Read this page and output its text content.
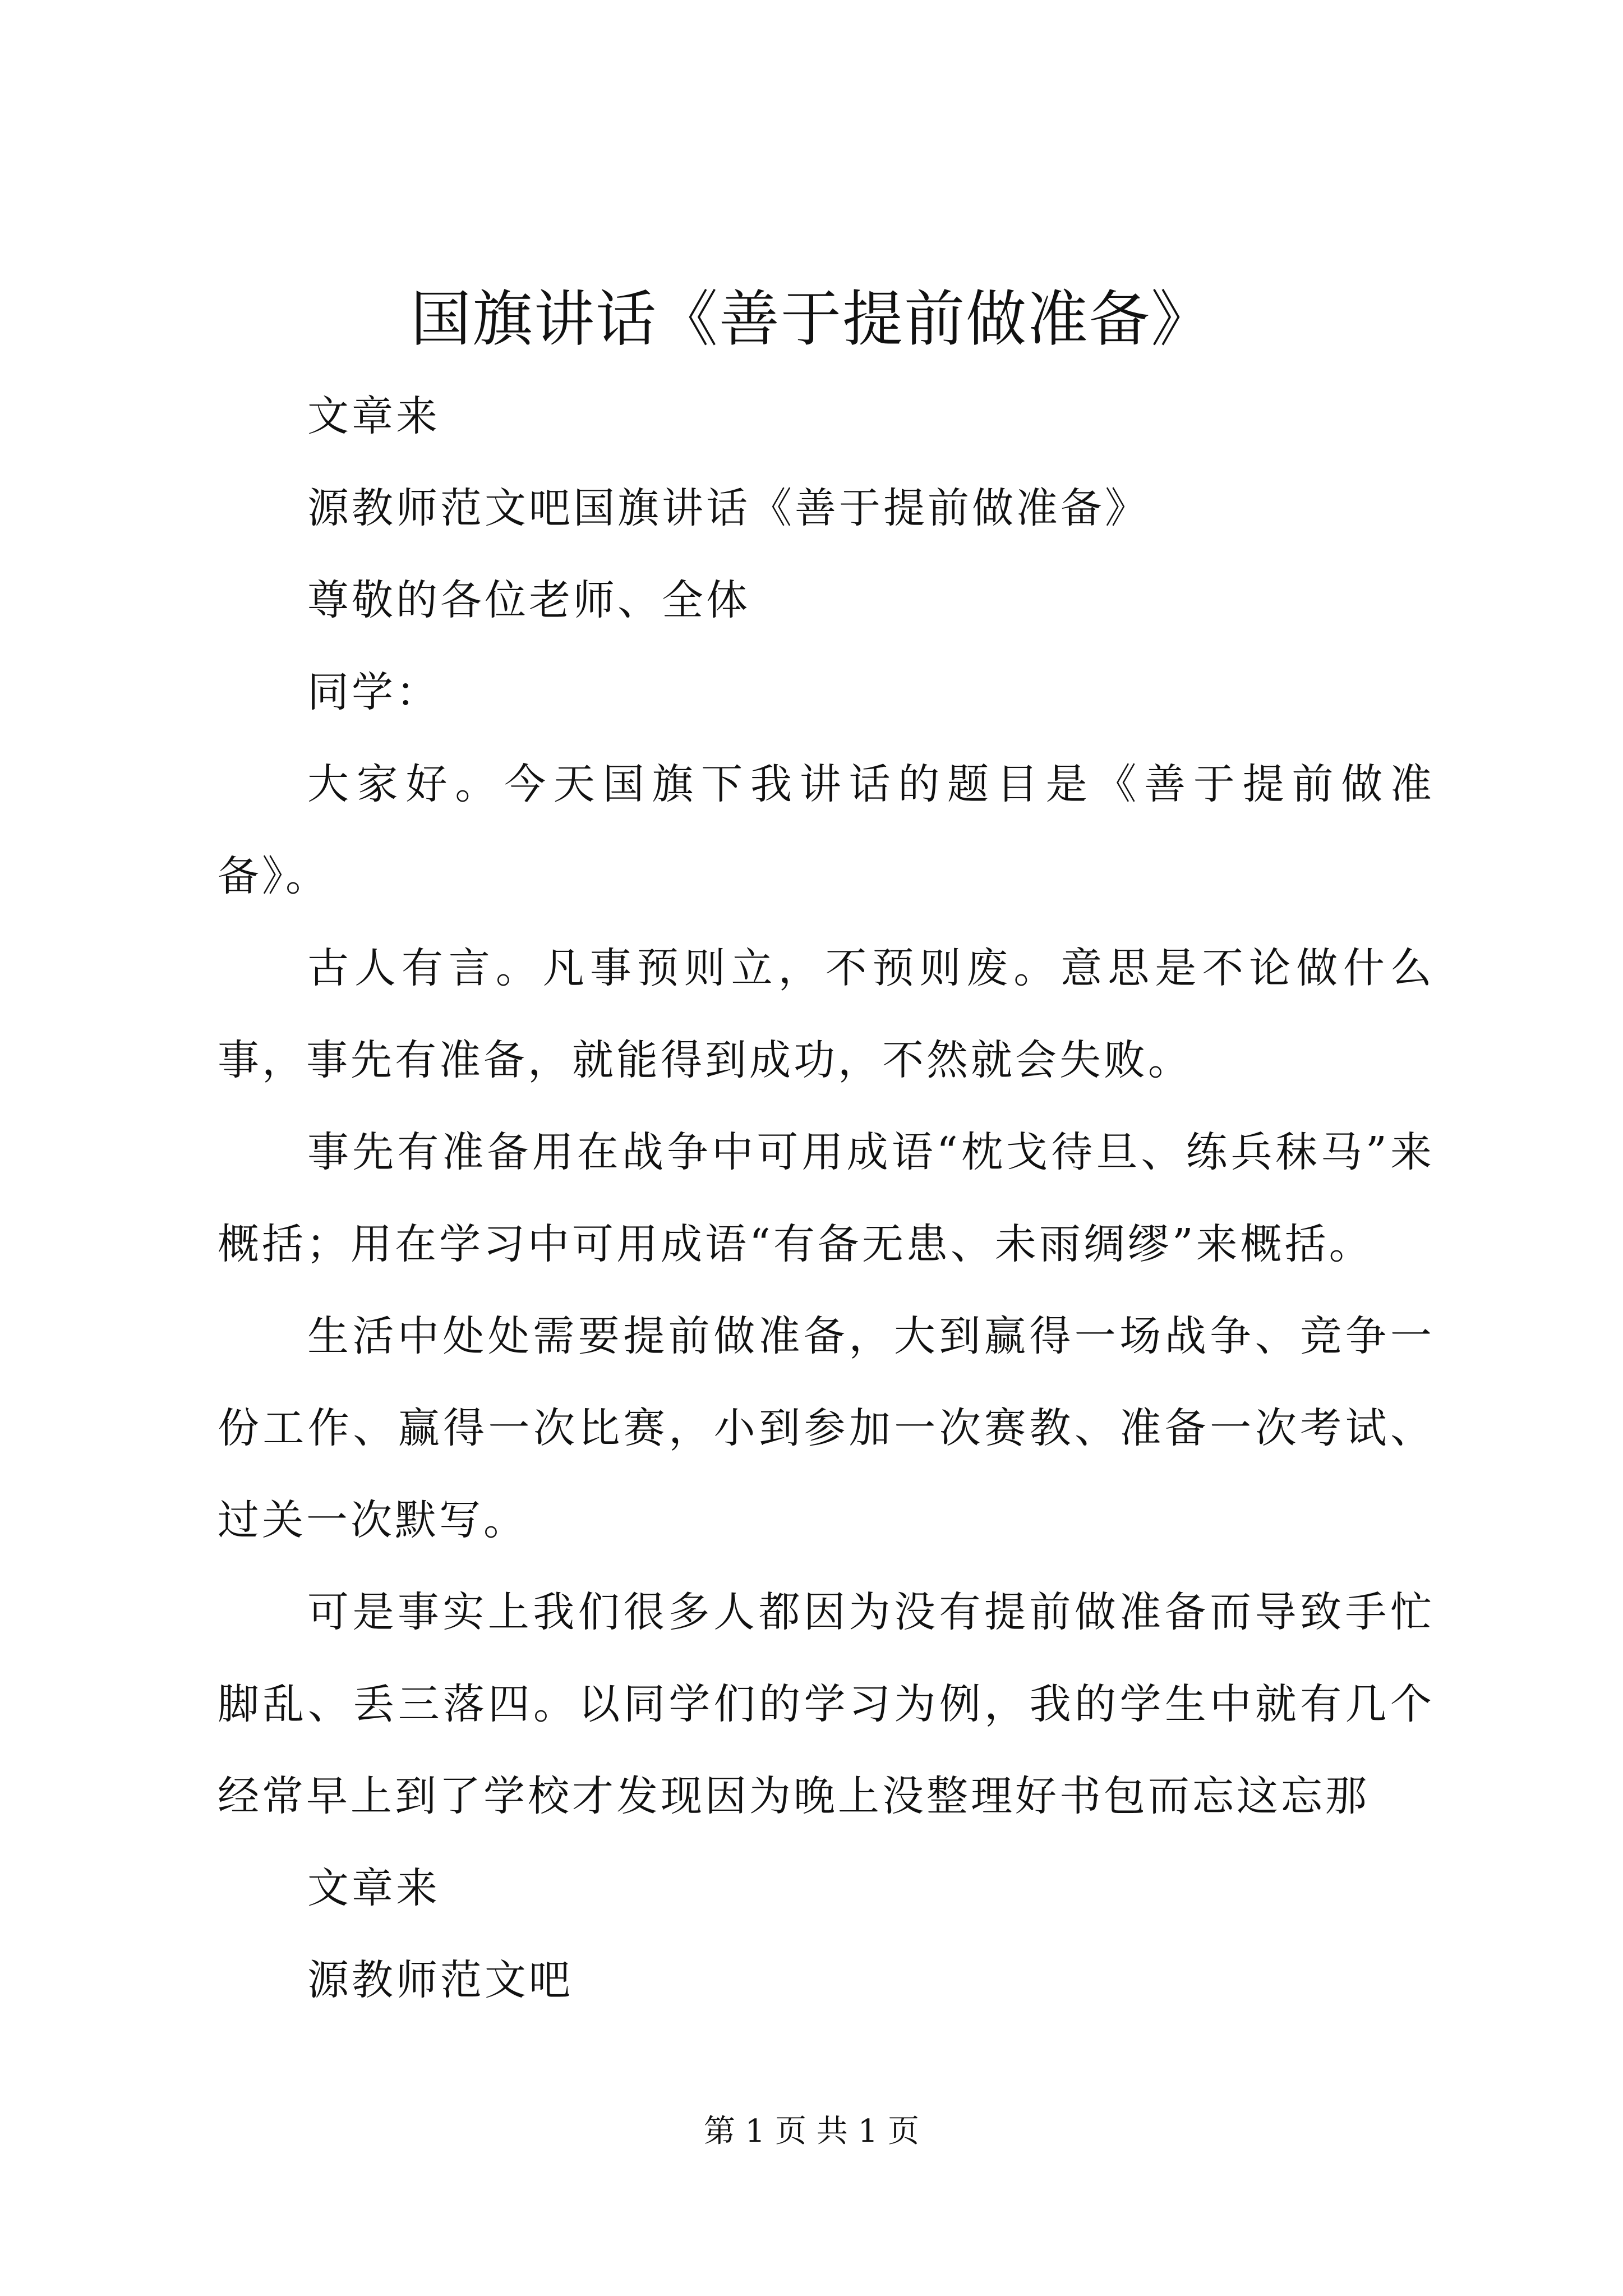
国旗讲话《善于提前做准备》

文章来

源教师范文吧国旗讲话《善于提前做准备》

尊敬的各位老师、全体

同学：

大家好。今天国旗下我讲话的题目是《善于提前做准备》。

古人有言。凡事预则立，不预则废。意思是不论做什么事，事先有准备，就能得到成功，不然就会失败。

事先有准备用在战争中可用成语“枕戈待旦、练兵秣马”来概括；用在学习中可用成语“有备无患、未雨绸缪”来概括。

生活中处处需要提前做准备，大到赢得一场战争、竞争一份工作、赢得一次比赛，小到参加一次赛教、准备一次考试、过关一次默写。

可是事实上我们很多人都因为没有提前做准备而导致手忙脚乱、丢三落四。以同学们的学习为例，我的学生中就有几个经常早上到了学校才发现因为晚上没整理好书包而忘这忘那

文章来

源教师范文吧

第 1 页 共 1 页
